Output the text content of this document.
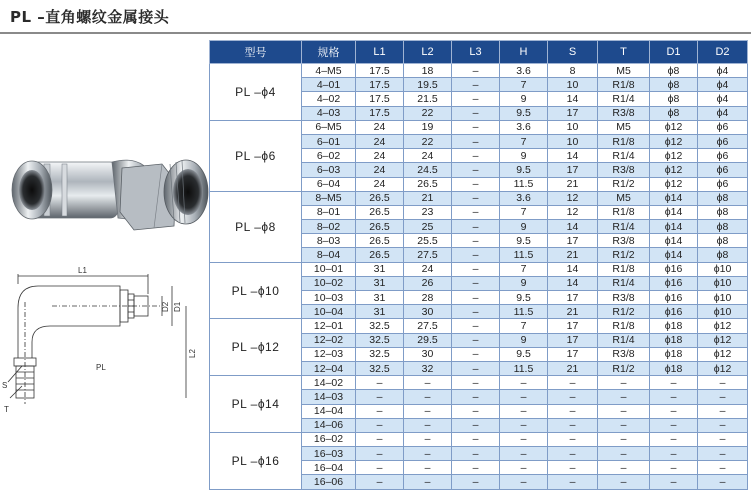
PL –直角螺纹金属接头
L1
D2 D1
L2
S
T
PL
型号	规格	L1	L2	L3	H	S	T	D1	D2
PL –ϕ4	4–M5	17.5	18	–	3.6	8	M5	ϕ8	ϕ4
	4–01	17.5	19.5	–	7	10	R1/8	ϕ8	ϕ4
	4–02	17.5	21.5	–	9	14	R1/4	ϕ8	ϕ4
	4–03	17.5	22	–	9.5	17	R3/8	ϕ8	ϕ4
PL –ϕ6	6–M5	24	19	–	3.6	10	M5	ϕ12	ϕ6
	6–01	24	22	–	7	10	R1/8	ϕ12	ϕ6
	6–02	24	24	–	9	14	R1/4	ϕ12	ϕ6
	6–03	24	24.5	–	9.5	17	R3/8	ϕ12	ϕ6
	6–04	24	26.5	–	11.5	21	R1/2	ϕ12	ϕ6
PL –ϕ8	8–M5	26.5	21	–	3.6	12	M5	ϕ14	ϕ8
	8–01	26.5	23	–	7	12	R1/8	ϕ14	ϕ8
	8–02	26.5	25	–	9	14	R1/4	ϕ14	ϕ8
	8–03	26.5	25.5	–	9.5	17	R3/8	ϕ14	ϕ8
	8–04	26.5	27.5	–	11.5	21	R1/2	ϕ14	ϕ8
PL –ϕ10	10–01	31	24	–	7	14	R1/8	ϕ16	ϕ10
	10–02	31	26	–	9	14	R1/4	ϕ16	ϕ10
	10–03	31	28	–	9.5	17	R3/8	ϕ16	ϕ10
	10–04	31	30	–	11.5	21	R1/2	ϕ16	ϕ10
PL –ϕ12	12–01	32.5	27.5	–	7	17	R1/8	ϕ18	ϕ12
	12–02	32.5	29.5	–	9	17	R1/4	ϕ18	ϕ12
	12–03	32.5	30	–	9.5	17	R3/8	ϕ18	ϕ12
	12–04	32.5	32	–	11.5	21	R1/2	ϕ18	ϕ12
PL –ϕ14	14–02	–	–	–	–	–	–	–	–
	14–03	–	–	–	–	–	–	–	–
	14–04	–	–	–	–	–	–	–	–
	14–06	–	–	–	–	–	–	–	–
PL –ϕ16	16–02	–	–	–	–	–	–	–	–
	16–03	–	–	–	–	–	–	–	–
	16–04	–	–	–	–	–	–	–	–
	16–06	–	–	–	–	–	–	–	–
